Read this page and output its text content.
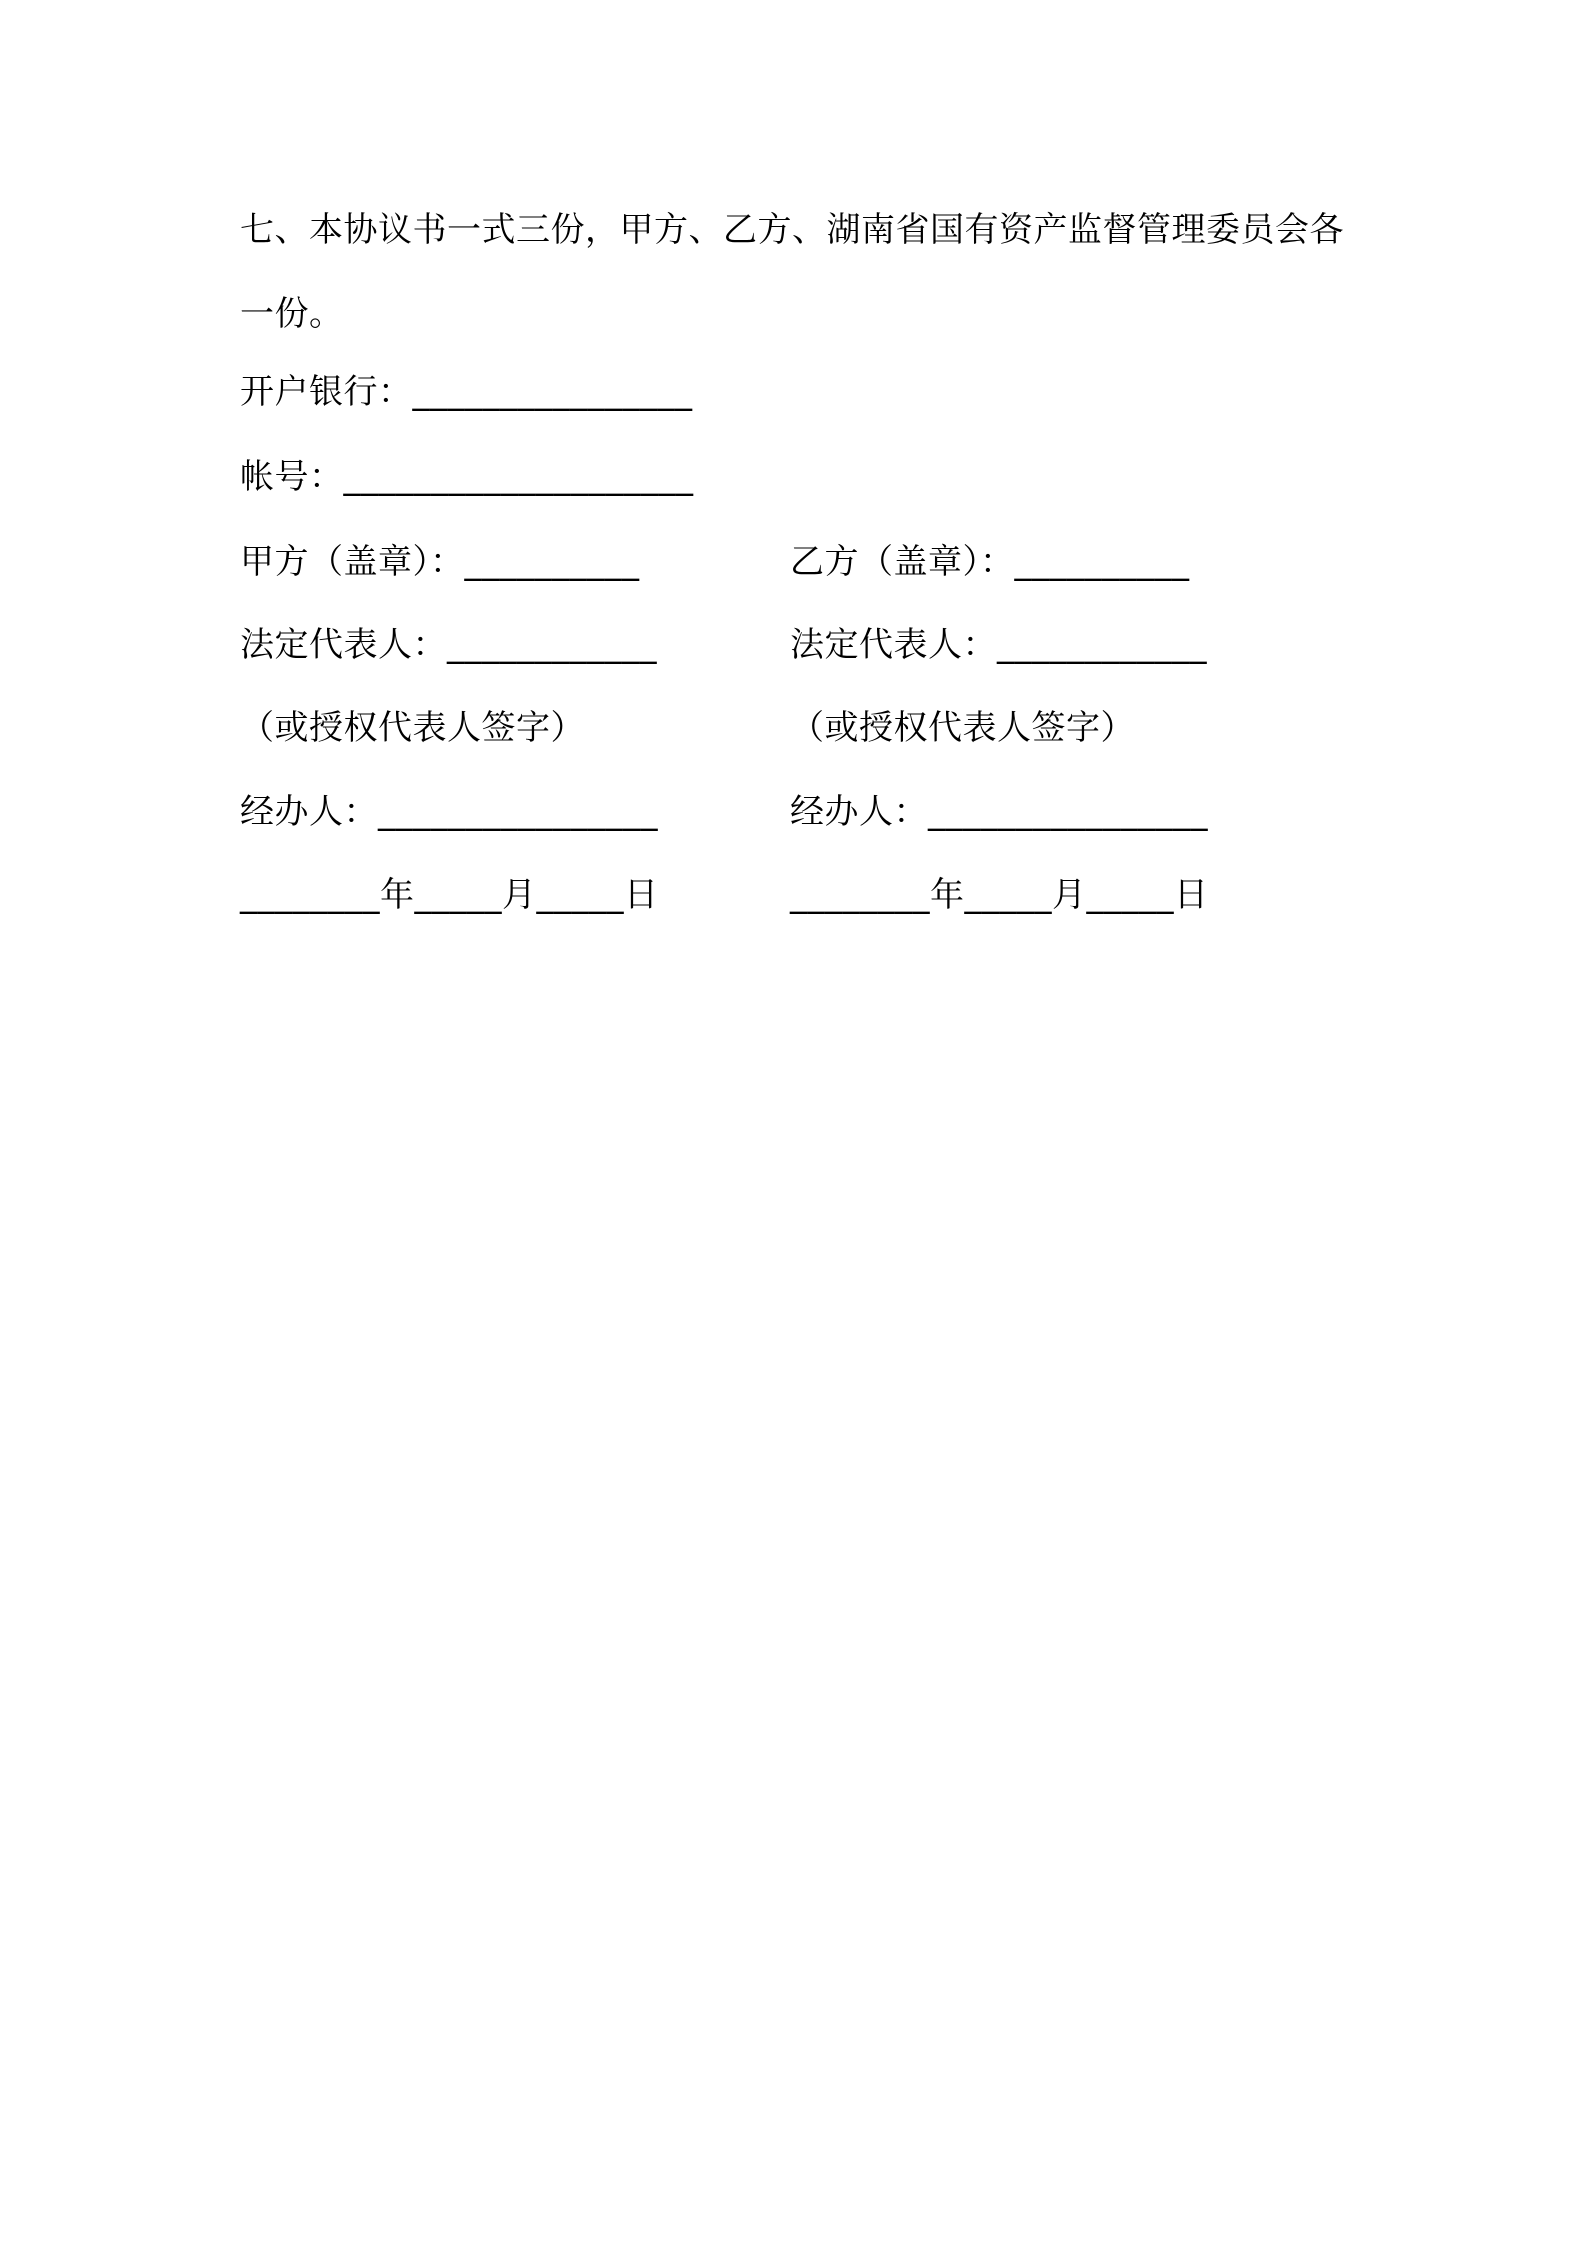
七、本协议书一式三份，甲方、乙方、湖南省国有资产监督管理委员会各一份。
开户银行：________________
帐号：____________________
甲方（盖章）：__________	乙方（盖章）：__________
法定代表人：____________	法定代表人：____________
（或授权代表人签字）	（或授权代表人签字）
经办人：________________	经办人：________________
________年_____月_____日	________年_____月_____日
